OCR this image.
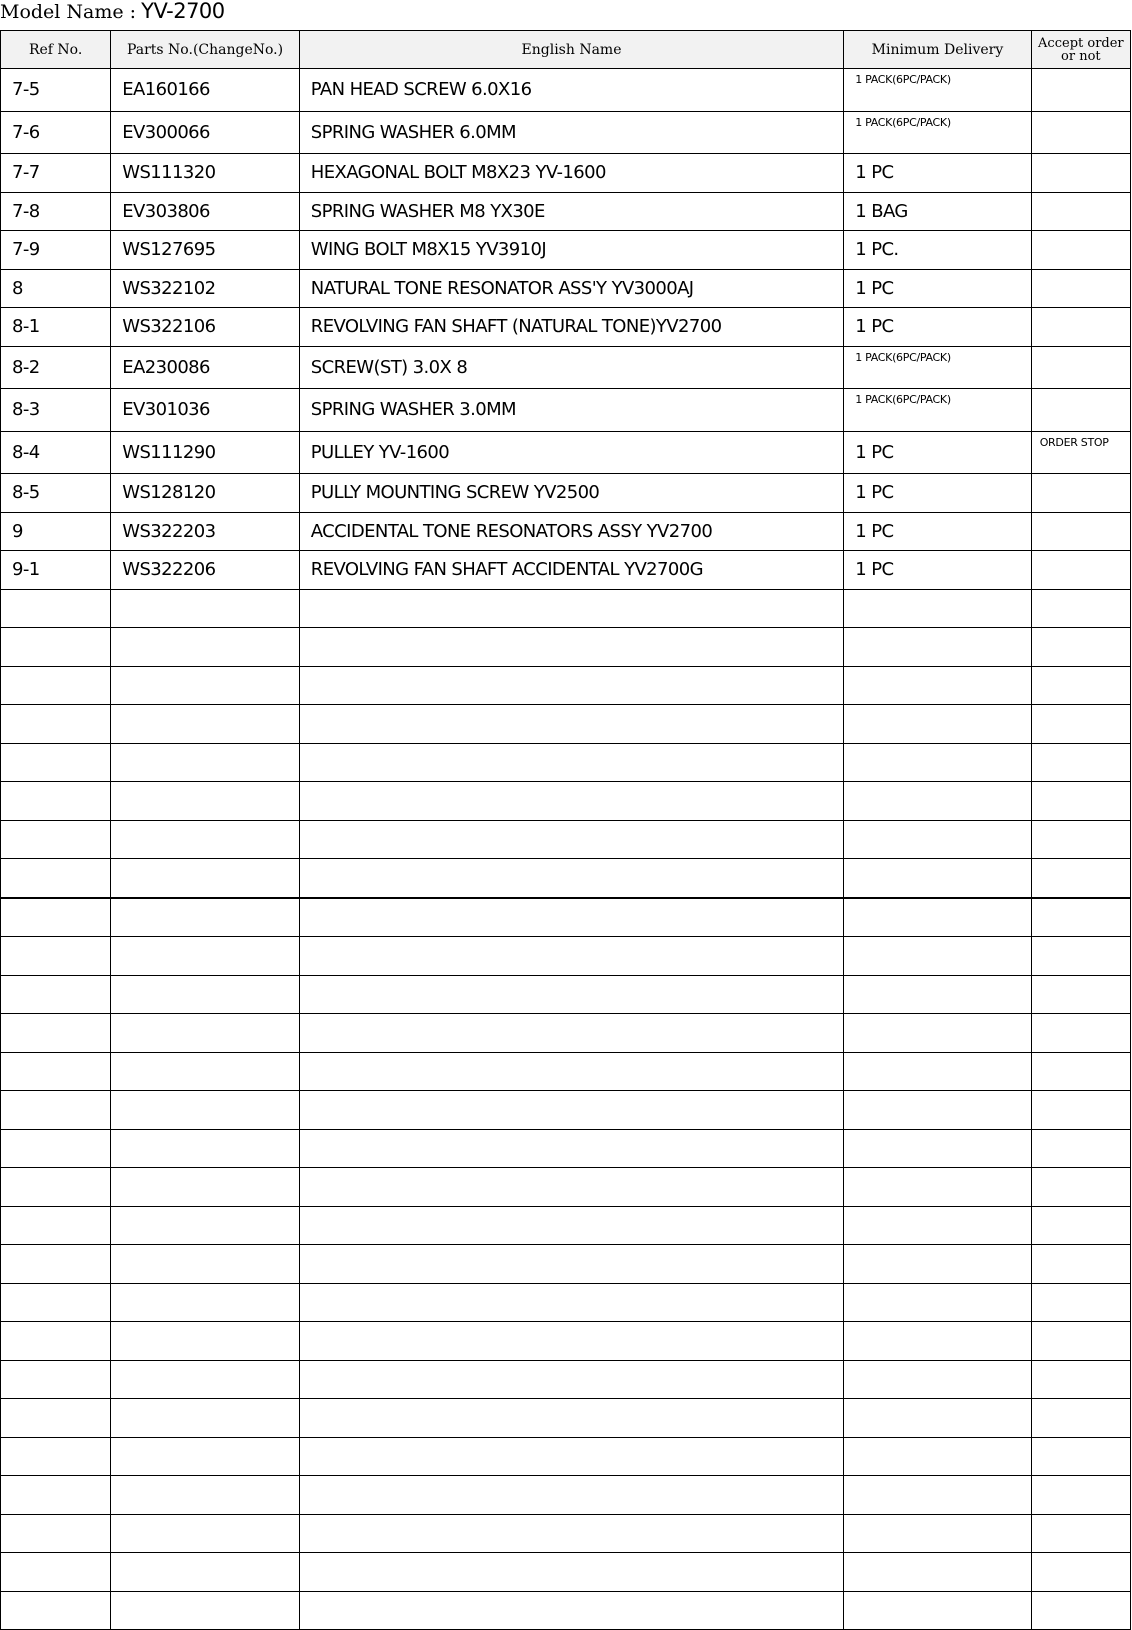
Model Name : YV-2700
Ref No.	Parts No.(ChangeNo.)	English Name	Minimum Delivery	Accept order
or not
7-5	EA160166	PAN HEAD SCREW 6.0X16	1 PACK(6PC/PACK)	
7-6	EV300066	SPRING WASHER 6.0MM	1 PACK(6PC/PACK)	
7-7	WS111320	HEXAGONAL BOLT M8X23 YV-1600	1 PC	
7-8	EV303806	SPRING WASHER M8 YX30E	1 BAG	
7-9	WS127695	WING BOLT M8X15 YV3910J	1 PC.	
8	WS322102	NATURAL TONE RESONATOR ASS'Y YV3000AJ	1 PC	
8-1	WS322106	REVOLVING FAN SHAFT (NATURAL TONE)YV2700	1 PC	
8-2	EA230086	SCREW(ST) 3.0X 8	1 PACK(6PC/PACK)	
8-3	EV301036	SPRING WASHER 3.0MM	1 PACK(6PC/PACK)	
8-4	WS111290	PULLEY YV-1600	1 PC	ORDER STOP
8-5	WS128120	PULLY MOUNTING SCREW YV2500	1 PC	
9	WS322203	ACCIDENTAL TONE RESONATORS ASSY YV2700	1 PC	
9-1	WS322206	REVOLVING FAN SHAFT ACCIDENTAL YV2700G	1 PC	
